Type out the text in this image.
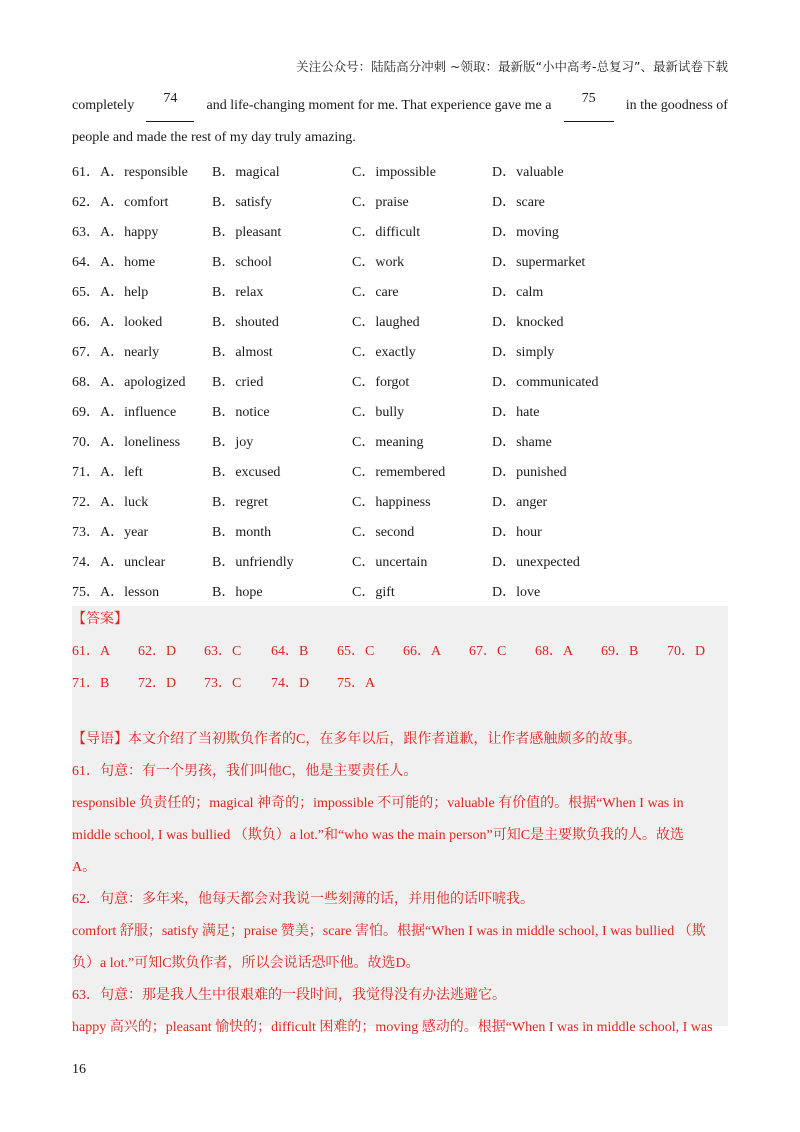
关注公众号：陆陆高分冲刺 ~领取：最新版“小中高考-总复习”、最新试卷下载
completely	74	and life-changing moment for me. That experience gave me a	75	in the goodness of
people and made the rest of my day truly amazing.
61． A．responsible B．magical	C．impossible	D．valuable
62． A．comfort	B．satisfy	C．praise	D．scare
63． A．happy	B．pleasant	C．difficult	D．moving
64． A．home	B．school	C．work	D．supermarket
65． A．help	B．relax	C．care	D．calm
66． A．looked	B．shouted	C．laughed	D．knocked
67． A．nearly	B．almost	C．exactly	D．simply
68． A．apologized B．cried	C．forgot	D．communicated
69． A．influence	B．notice	C．bully	D．hate
70． A．loneliness B．joy	C．meaning	D．shame
71． A．left	B．excused	C．remembered	D．punished
72． A．luck	B．regret	C．happiness	D．anger
73． A．year	B．month	C．second	D．hour
74． A．unclear	B．unfriendly	C．uncertain	D．unexpected
75． A．lesson	B．hope	C．gift	D．love
【答案】
61．A 62．D 63．C 64．B 65．C 66．A 67．C 68．A 69．B 70．D
71．B 72．D 73．C 74．D 75．A
【导语】本文介绍了当初欺负作者的C，在多年以后，跟作者道歉，让作者感触颇多的故事。
61．句意：有一个男孩，我们叫他C，他是主要责任人。
responsible 负责任的；magical 神奇的；impossible 不可能的；valuable 有价值的。根据“When I was in
middle school, I was bullied （欺负）a lot.”和“who was the main person”可知C是主要欺负我的人。故选
A。
62．句意：多年来，他每天都会对我说一些刻薄的话，并用他的话吓唬我。
comfort 舒服；satisfy 满足；praise 赞美；scare 害怕。根据“When I was in middle school, I was bullied （欺
负）a lot.”可知C欺负作者，所以会说话恐吓他。故选D。
63．句意：那是我人生中很艰难的一段时间，我觉得没有办法逃避它。
happy 高兴的；pleasant 愉快的；difficult 困难的；moving 感动的。根据“When I was in middle school, I was
16
